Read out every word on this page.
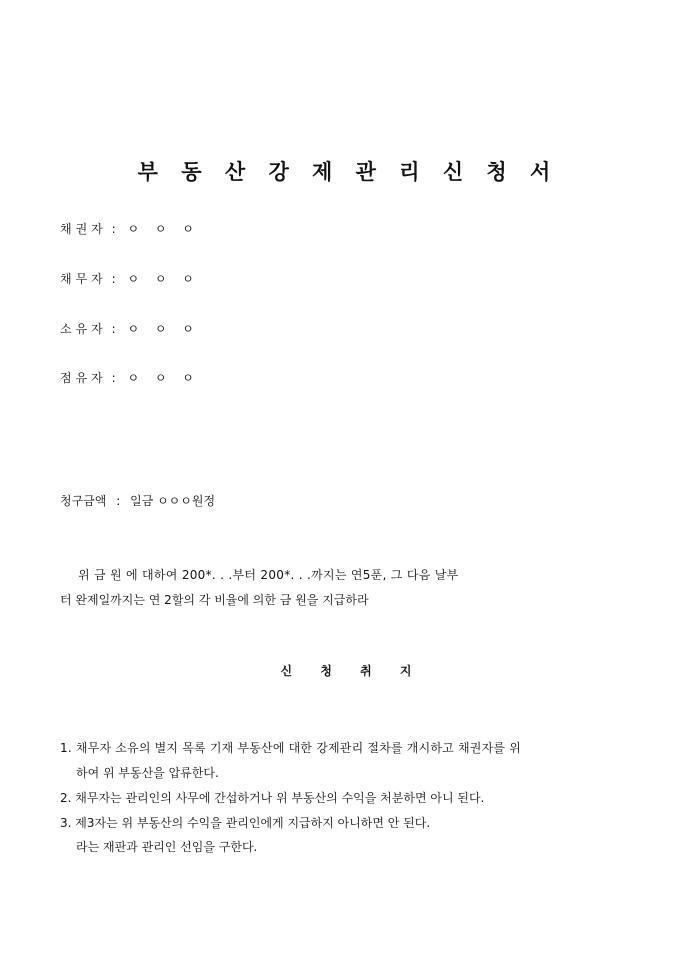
부 동 산 강 제 관 리 신 청 서
채권자 : ㅇ ㅇ ㅇ
채무자 : ㅇ ㅇ ㅇ
소유자 : ㅇ ㅇ ㅇ
점유자 : ㅇ ㅇ ㅇ
청구금액 : 일금 ㅇㅇㅇ원정
위 금 원 에 대하여 200*. . .부터 200*. . .까지는 연5푼, 그 다음 날부
터 완제일까지는 연 2할의 각 비율에 의한 금 원을 지급하라
신 청 취 지
1. 채무자 소유의 별지 목록 기재 부동산에 대한 강제관리 절차를 개시하고 채권자를 위
하여 위 부동산을 압류한다.
2. 채무자는 관리인의 사무에 간섭하거나 위 부동산의 수익을 처분하면 아니 된다.
3. 제3자는 위 부동산의 수익을 관리인에게 지급하지 아니하면 안 된다.
라는 재판과 관리인 선임을 구한다.
